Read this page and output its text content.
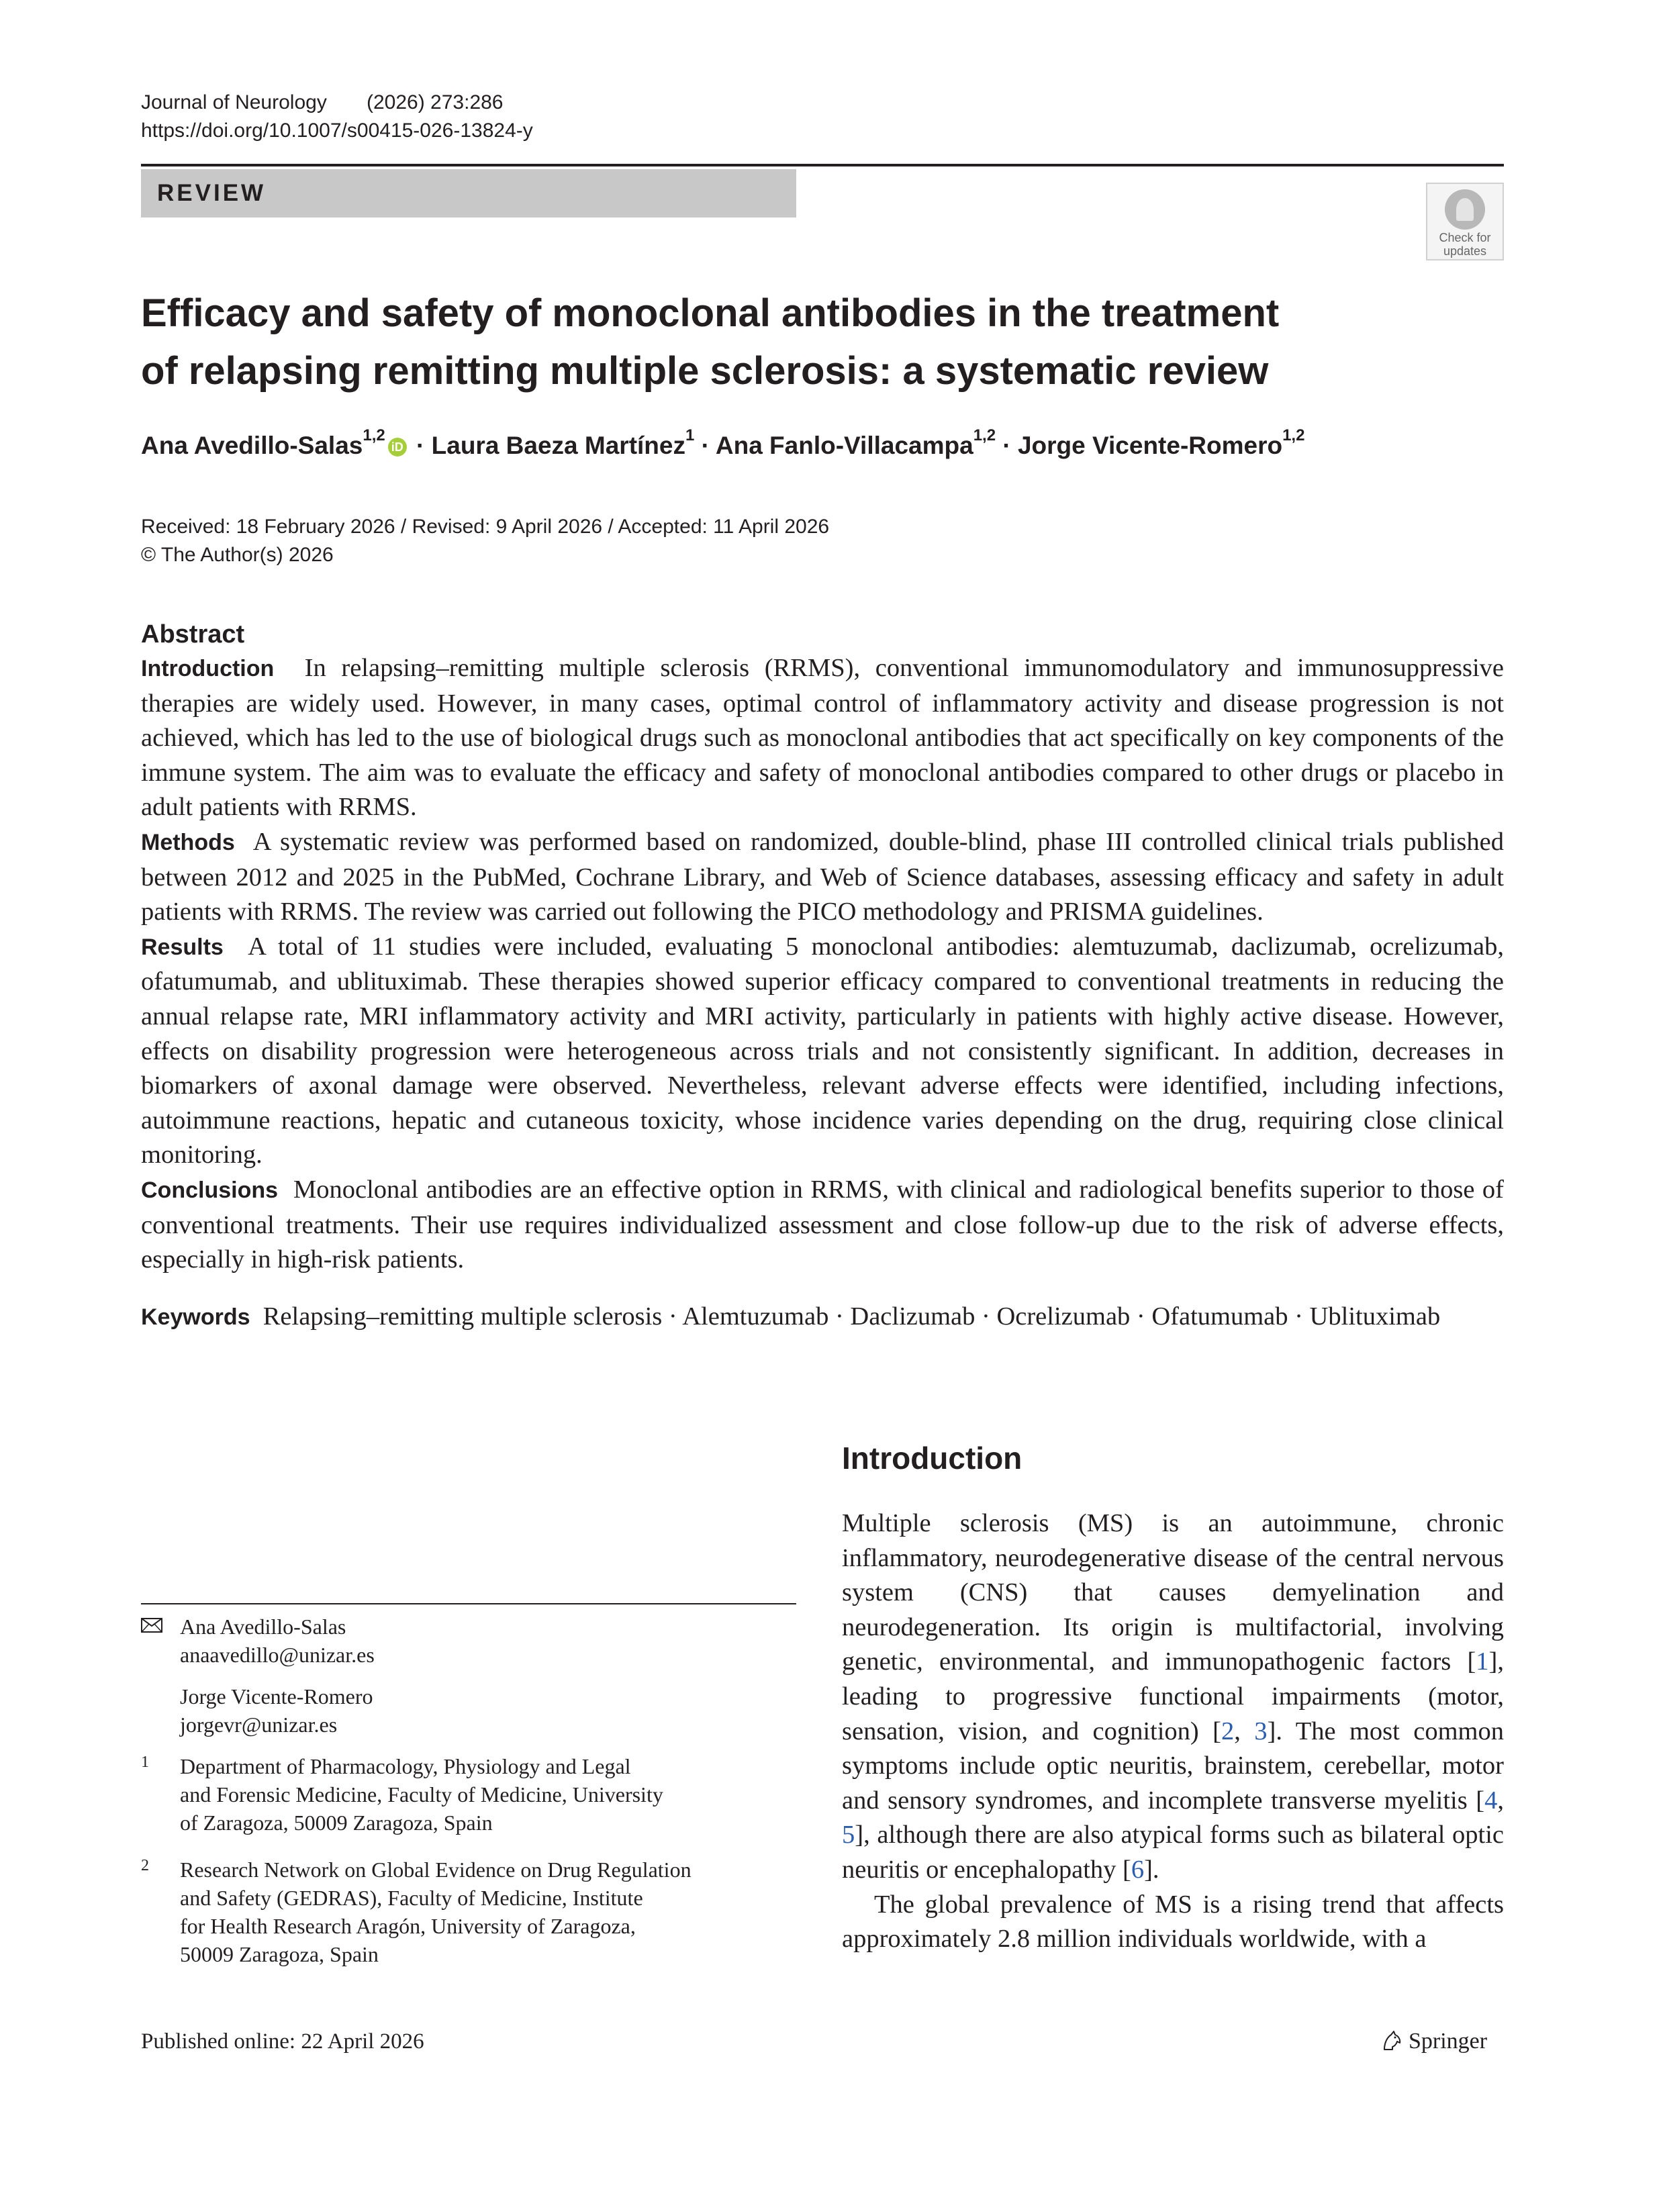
Journal of Neurology (2026) 273:286
https://doi.org/10.1007/s00415-026-13824-y
REVIEW
Check for
updates
Efficacy and safety of monoclonal antibodies in the treatment
of relapsing remitting multiple sclerosis: a systematic review
Ana Avedillo-Salas$^{1,2}$iD · Laura Baeza Martínez$^1$ · Ana Fanlo-Villacampa$^{1,2}$ · Jorge Vicente-Romero$^{1,2}$
Received: 18 February 2026 / Revised: 9 April 2026 / Accepted: 11 April 2026
© The Author(s) 2026
Abstract

Introduction In relapsing–remitting multiple sclerosis (RRMS), conventional immunomodulatory and immunosuppressive therapies are widely used. However, in many cases, optimal control of inflammatory activity and disease progression is not achieved, which has led to the use of biological drugs such as monoclonal antibodies that act specifically on key components of the immune system. The aim was to evaluate the efficacy and safety of monoclonal antibodies compared to other drugs or placebo in adult patients with RRMS.

Methods A systematic review was performed based on randomized, double-blind, phase III controlled clinical trials published between 2012 and 2025 in the PubMed, Cochrane Library, and Web of Science databases, assessing efficacy and safety in adult patients with RRMS. The review was carried out following the PICO methodology and PRISMA guidelines.

Results A total of 11 studies were included, evaluating 5 monoclonal antibodies: alemtuzumab, daclizumab, ocrelizumab, ofatumumab, and ublituximab. These therapies showed superior efficacy compared to conventional treatments in reducing the annual relapse rate, MRI inflammatory activity and MRI activity, particularly in patients with highly active disease. However, effects on disability progression were heterogeneous across trials and not consistently significant. In addition, decreases in biomarkers of axonal damage were observed. Nevertheless, relevant adverse effects were identified, including infections, autoimmune reactions, hepatic and cutaneous toxicity, whose incidence varies depending on the drug, requiring close clinical monitoring.

Conclusions Monoclonal antibodies are an effective option in RRMS, with clinical and radiological benefits superior to those of conventional treatments. Their use requires individualized assessment and close follow-up due to the risk of adverse effects, especially in high-risk patients.

Keywords Relapsing–remitting multiple sclerosis · Alemtuzumab · Daclizumab · Ocrelizumab · Ofatumumab · Ublituximab
Introduction

Multiple sclerosis (MS) is an autoimmune, chronic inflammatory, neurodegenerative disease of the central nervous system (CNS) that causes demyelination and neurodegeneration. Its origin is multifactorial, involving genetic, environmental, and immunopathogenic factors [1], leading to progressive functional impairments (motor, sensation, vision, and cognition) [2, 3]. The most common symptoms include optic neuritis, brainstem, cerebellar, motor and sensory syndromes, and incomplete transverse myelitis [4, 5], although there are also atypical forms such as bilateral optic neuritis or encephalopathy [6].

The global prevalence of MS is a rising trend that affects approximately 2.8 million individuals worldwide, with a

Ana Avedillo-Salas
anaavedillo@unizar.es
Jorge Vicente-Romero
jorgevr@unizar.es
1 Department of Pharmacology, Physiology and Legal
and Forensic Medicine, Faculty of Medicine, University
of Zaragoza, 50009 Zaragoza, Spain
2 Research Network on Global Evidence on Drug Regulation
and Safety (GEDRAS), Faculty of Medicine, Institute
for Health Research Aragón, University of Zaragoza,
50009 Zaragoza, Spain
Published online: 22 April 2026	Springer
